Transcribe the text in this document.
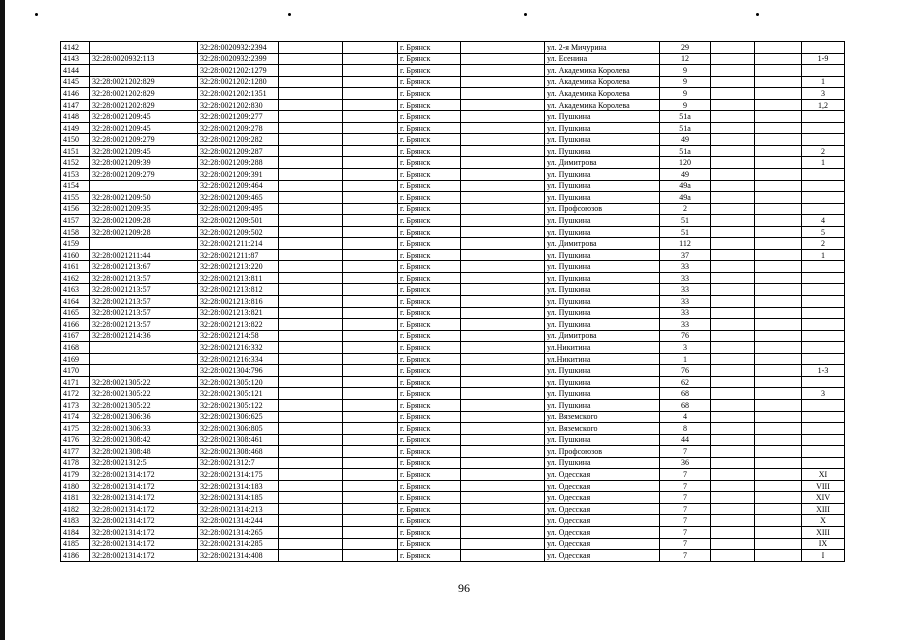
4142		32:28:0020932:2394			г. Брянск		ул. 2-я Мичурина	29			
4143	32:28:0020932:113	32:28:0020932:2399			г. Брянск		ул. Есенина	12			1-9
4144		32:28:0021202:1279			г. Брянск		ул. Академика Королева	9			
4145	32:28:0021202:829	32:28:0021202:1280			г. Брянск		ул. Академика Королева	9			1
4146	32:28:0021202:829	32:28:0021202:1351			г. Брянск		ул. Академика Королева	9			3
4147	32:28:0021202:829	32:28:0021202:830			г. Брянск		ул. Академика Королева	9			1,2
4148	32:28:0021209:45	32:28:0021209:277			г. Брянск		ул. Пушкина	51а			
4149	32:28:0021209:45	32:28:0021209:278			г. Брянск		ул. Пушкина	51а			
4150	32:28:0021209:279	32:28:0021209:282			г. Брянск		ул. Пушкина	49			
4151	32:28:0021209:45	32:28:0021209:287			г. Брянск		ул. Пушкина	51а			2
4152	32:28:0021209:39	32:28:0021209:288			г. Брянск		ул. Димитрова	120			1
4153	32:28:0021209:279	32:28:0021209:391			г. Брянск		ул. Пушкина	49			
4154		32:28:0021209:464			г. Брянск		ул. Пушкина	49а			
4155	32:28:0021209:50	32:28:0021209:465			г. Брянск		ул. Пушкина	49а			
4156	32:28:0021209:35	32:28:0021209:495			г. Брянск		ул. Профсоюзов	2			
4157	32:28:0021209:28	32:28:0021209:501			г. Брянск		ул. Пушкина	51			4
4158	32:28:0021209:28	32:28:0021209:502			г. Брянск		ул. Пушкина	51			5
4159		32:28:0021211:214			г. Брянск		ул. Димитрова	112			2
4160	32:28:0021211:44	32:28:0021211:87			г. Брянск		ул. Пушкина	37			1
4161	32:28:0021213:67	32:28:0021213:220			г. Брянск		ул. Пушкина	33			
4162	32:28:0021213:57	32:28:0021213:811			г. Брянск		ул. Пушкина	33			
4163	32:28:0021213:57	32:28:0021213:812			г. Брянск		ул. Пушкина	33			
4164	32:28:0021213:57	32:28:0021213:816			г. Брянск		ул. Пушкина	33			
4165	32:28:0021213:57	32:28:0021213:821			г. Брянск		ул. Пушкина	33			
4166	32:28:0021213:57	32:28:0021213:822			г. Брянск		ул. Пушкина	33			
4167	32:28:0021214:36	32:28:0021214:58			г. Брянск		ул. Димитрова	76			
4168		32:28:0021216:332			г. Брянск		ул.Никитина	3			
4169		32:28:0021216:334			г. Брянск		ул.Никитина	1			
4170		32:28:0021304:796			г. Брянск		ул. Пушкина	76			1-3
4171	32:28:0021305:22	32:28:0021305:120			г. Брянск		ул. Пушкина	62			
4172	32:28:0021305:22	32:28:0021305:121			г. Брянск		ул. Пушкина	68			3
4173	32:28:0021305:22	32:28:0021305:122			г. Брянск		ул. Пушкина	68			
4174	32:28:0021306:36	32:28:0021306:625			г. Брянск		ул. Вяземского	4			
4175	32:28:0021306:33	32:28:0021306:805			г. Брянск		ул. Вяземского	8			
4176	32:28:0021308:42	32:28:0021308:461			г. Брянск		ул. Пушкина	44			
4177	32:28:0021308:48	32:28:0021308:468			г. Брянск		ул. Профсоюзов	7			
4178	32:28:0021312:5	32:28:0021312:7			г. Брянск		ул. Пушкина	36			
4179	32:28:0021314:172	32:28:0021314:175			г. Брянск		ул. Одесская	7			XI
4180	32:28:0021314:172	32:28:0021314:183			г. Брянск		ул. Одесская	7			VIII
4181	32:28:0021314:172	32:28:0021314:185			г. Брянск		ул. Одесская	7			XIV
4182	32:28:0021314:172	32:28:0021314:213			г. Брянск		ул. Одесская	7			XIII
4183	32:28:0021314:172	32:28:0021314:244			г. Брянск		ул. Одесская	7			X
4184	32:28:0021314:172	32:28:0021314:265			г. Брянск		ул. Одесская	7			XIII
4185	32:28:0021314:172	32:28:0021314:285			г. Брянск		ул. Одесская	7			IX
4186	32:28:0021314:172	32:28:0021314:408			г. Брянск		ул. Одесская	7			I
96
